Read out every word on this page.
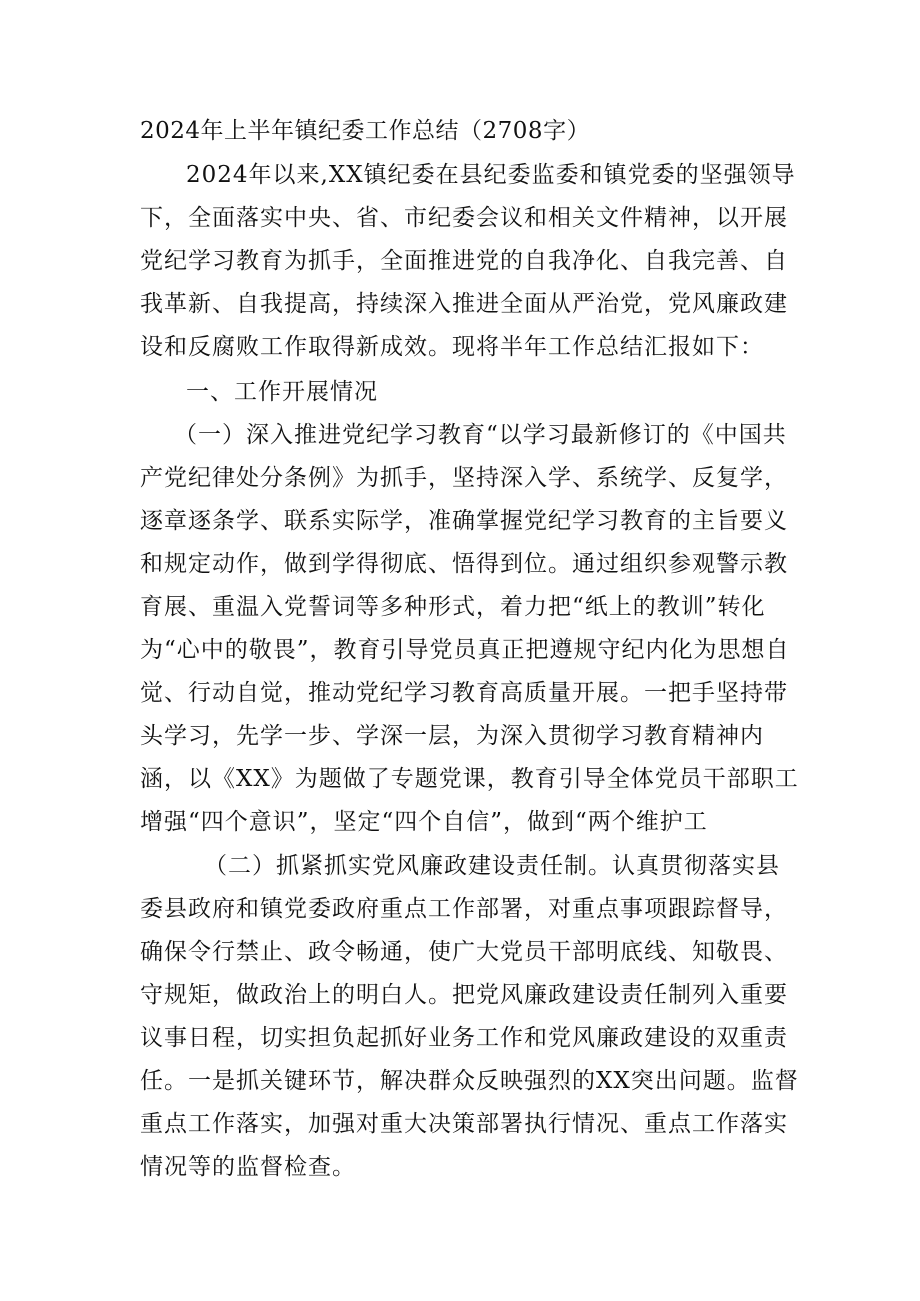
2024年上半年镇纪委工作总结（2708字）

2024年以来,XX镇纪委在县纪委监委和镇党委的坚强领导下，全面落实中央、省、市纪委会议和相关文件精神，以开展党纪学习教育为抓手，全面推进党的自我净化、自我完善、自我革新、自我提高，持续深入推进全面从严治党，党风廉政建设和反腐败工作取得新成效。现将半年工作总结汇报如下：

一、工作开展情况

（一）深入推进党纪学习教育“以学习最新修订的《中国共产党纪律处分条例》为抓手，坚持深入学、系统学、反复学，逐章逐条学、联系实际学，准确掌握党纪学习教育的主旨要义和规定动作，做到学得彻底、悟得到位。通过组织参观警示教育展、重温入党誓词等多种形式，着力把“纸上的教训”转化为“心中的敬畏”，教育引导党员真正把遵规守纪内化为思想自觉、行动自觉，推动党纪学习教育高质量开展。一把手坚持带头学习，先学一步、学深一层，为深入贯彻学习教育精神内涵，以《XX》为题做了专题党课，教育引导全体党员干部职工增强“四个意识”，坚定“四个自信”，做到“两个维护工

（二）抓紧抓实党风廉政建设责任制。认真贯彻落实县委县政府和镇党委政府重点工作部署，对重点事项跟踪督导，确保令行禁止、政令畅通，使广大党员干部明底线、知敬畏、守规矩，做政治上的明白人。把党风廉政建设责任制列入重要议事日程，切实担负起抓好业务工作和党风廉政建设的双重责任。一是抓关键环节，解决群众反映强烈的XX突出问题。监督重点工作落实，加强对重大决策部署执行情况、重点工作落实情况等的监督检查。
